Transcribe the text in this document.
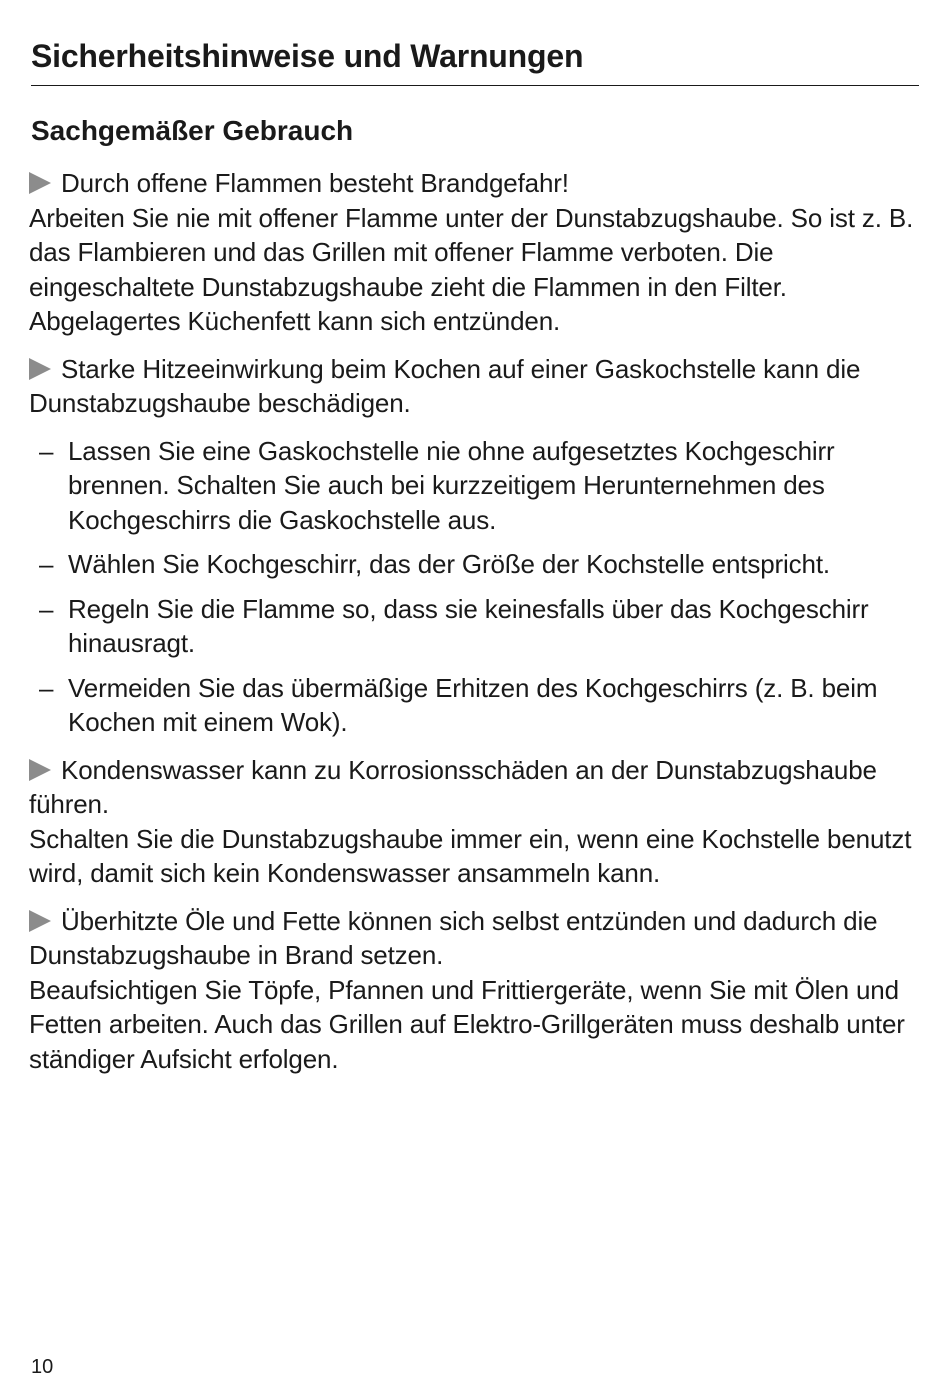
Sicherheitshinweise und Warnungen
Sachgemäßer Gebrauch

Durch offene Flammen besteht Brandgefahr!

Arbeiten Sie nie mit offener Flamme unter der Dunstabzugshaube. So ist z. B. das Flambieren und das Grillen mit offener Flamme verboten. Die eingeschaltete Dunstabzugshaube zieht die Flammen in den Filter. Abgelagertes Küchenfett kann sich entzünden.

Starke Hitzeeinwirkung beim Kochen auf einer Gaskochstelle kann die Dunstabzugshaube beschädigen.

– Lassen Sie eine Gaskochstelle nie ohne aufgesetztes Kochgeschirr brennen. Schalten Sie auch bei kurzzeitigem Herunternehmen des Kochgeschirrs die Gaskochstelle aus.
– Wählen Sie Kochgeschirr, das der Größe der Kochstelle entspricht.
– Regeln Sie die Flamme so, dass sie keinesfalls über das Kochgeschirr hinausragt.
– Vermeiden Sie das übermäßige Erhitzen des Kochgeschirrs (z. B. beim Kochen mit einem Wok).

Kondenswasser kann zu Korrosionsschäden an der Dunstabzugshaube führen.

Schalten Sie die Dunstabzugshaube immer ein, wenn eine Kochstelle benutzt wird, damit sich kein Kondenswasser ansammeln kann.

Überhitzte Öle und Fette können sich selbst entzünden und dadurch die Dunstabzugshaube in Brand setzen.

Beaufsichtigen Sie Töpfe, Pfannen und Frittiergeräte, wenn Sie mit Ölen und Fetten arbeiten. Auch das Grillen auf Elektro-Grillgeräten muss deshalb unter ständiger Aufsicht erfolgen.

10
